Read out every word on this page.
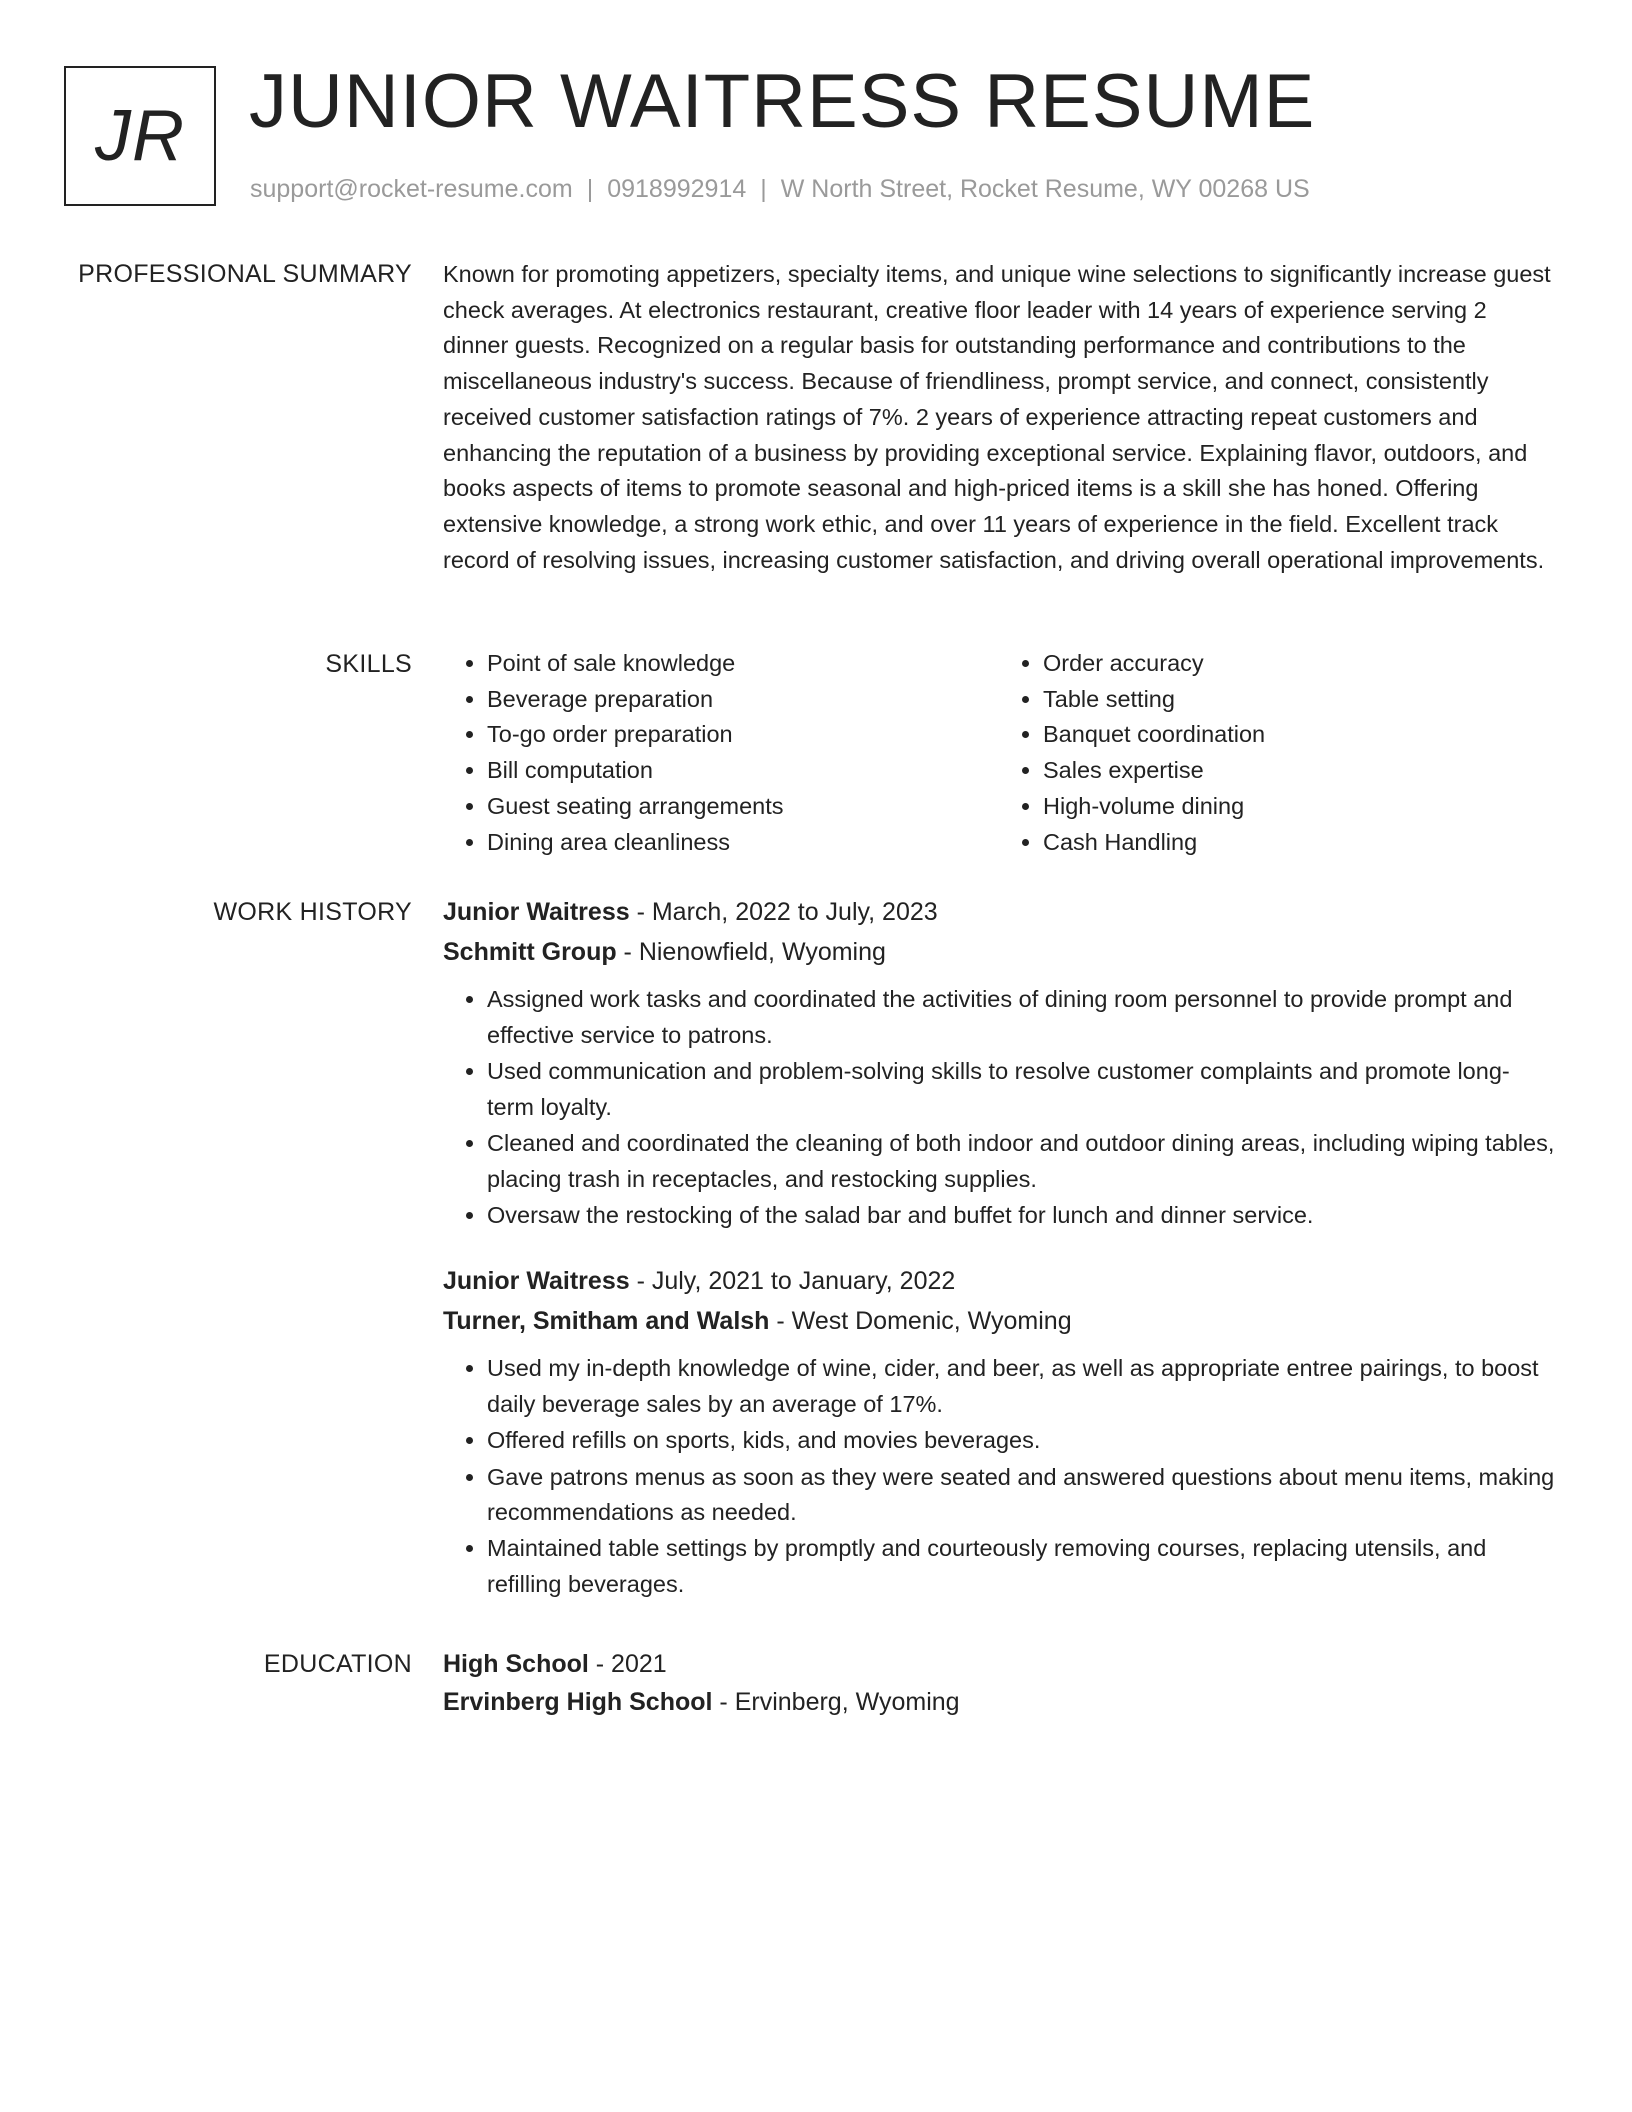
JR JUNIOR WAITRESS RESUME
support@rocket-resume.com | 0918992914 | W North Street, Rocket Resume, WY 00268 US
PROFESSIONAL SUMMARY Known for promoting appetizers, specialty items, and unique wine selections to significantly increase guest check averages. At electronics restaurant, creative floor leader with 14 years of experience serving 2 dinner guests. Recognized on a regular basis for outstanding performance and contributions to the miscellaneous industry's success. Because of friendliness, prompt service, and connect, consistently received customer satisfaction ratings of 7%. 2 years of experience attracting repeat customers and enhancing the reputation of a business by providing exceptional service. Explaining flavor, outdoors, and books aspects of items to promote seasonal and high-priced items is a skill she has honed. Offering extensive knowledge, a strong work ethic, and over 11 years of experience in the field. Excellent track record of resolving issues, increasing customer satisfaction, and driving overall operational improvements.

SKILLS
•	Point of sale knowledge
• Beverage preparation
• To-go order preparation
• Bill computation
• Guest seating arrangements
• Dining area cleanliness
• Order accuracy
• Table setting
• Banquet coordination
• Sales expertise
• High-volume dining
• Cash Handling
WORK HISTORY Junior Waitress - March, 2022 to July, 2023
Schmitt Group - Nienowfield, Wyoming
• Assigned work tasks and coordinated the activities of dining room personnel to provide prompt and effective service to patrons.
• Used communication and problem-solving skills to resolve customer complaints and promote long-term loyalty.
• Cleaned and coordinated the cleaning of both indoor and outdoor dining areas, including wiping tables, placing trash in receptacles, and restocking supplies.
• Oversaw the restocking of the salad bar and buffet for lunch and dinner service.
Junior Waitress - July, 2021 to January, 2022
Turner, Smitham and Walsh - West Domenic, Wyoming
• Used my in-depth knowledge of wine, cider, and beer, as well as appropriate entree pairings, to boost daily beverage sales by an average of 17%.
• Offered refills on sports, kids, and movies beverages.
• Gave patrons menus as soon as they were seated and answered questions about menu items, making recommendations as needed.
• Maintained table settings by promptly and courteously removing courses, replacing utensils, and refilling beverages.
EDUCATION High School - 2021
Ervinberg High School - Ervinberg, Wyoming
